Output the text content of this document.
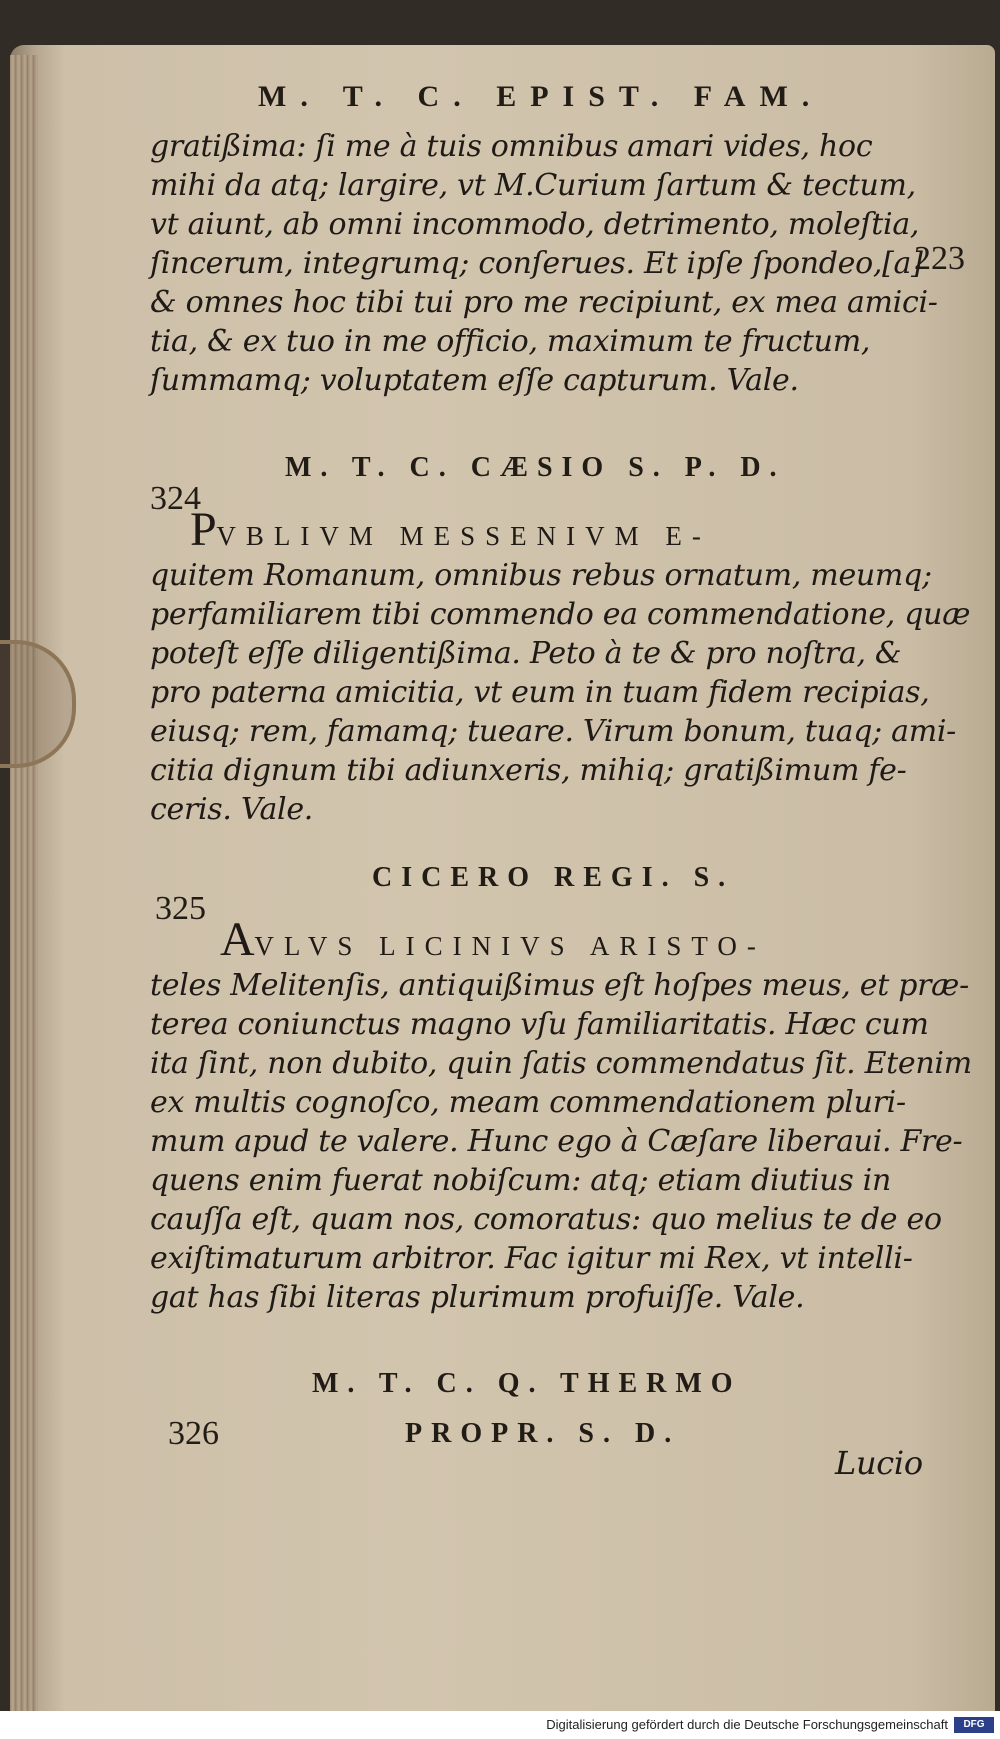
M. T. C. EPIST. FAM.
223
gratißima: ſi me à tuis omnibus amari vides, hoc
mihi da atq; largire, vt M.Curium ſartum & tectum,
vt aiunt, ab omni incommodo, detrimento, moleſtia,
ſincerum, integrumq; conſerues. Et ipſe ſpondeo,[a]
& omnes hoc tibi tui pro me recipiunt, ex mea amici-
tia, & ex tuo in me officio, maximum te fructum,
ſummamq; voluptatem eſſe capturum. Vale.
324
M. T. C. CÆSIO S. P. D.
PVBLIVM MESSENIVM E-
quitem Romanum, omnibus rebus ornatum, meumq;
perfamiliarem tibi commendo ea commendatione, quæ
poteſt eſſe diligentißima. Peto à te & pro noſtra, &
pro paterna amicitia, vt eum in tuam fidem recipias,
eiusq; rem, famamq; tueare. Virum bonum, tuaq; ami-
citia dignum tibi adiunxeris, mihiq; gratißimum fe-
ceris. Vale.
CICERO REGI. S.
325
AVLVS LICINIVS ARISTO-
teles Melitenſis, antiquißimus eſt hoſpes meus, et præ-
terea coniunctus magno vſu familiaritatis. Hæc cum
ita ſint, non dubito, quin ſatis commendatus ſit. Etenim
ex multis cognoſco, meam commendationem pluri-
mum apud te valere. Hunc ego à Cæſare liberaui. Fre-
quens enim fuerat nobiſcum: atq; etiam diutius in
cauſſa eſt, quam nos, comoratus: quo melius te de eo
exiſtimaturum arbitror. Fac igitur mi Rex, vt intelli-
gat has ſibi literas plurimum profuiſſe. Vale.
M. T. C. Q. THERMO
326	PROPR. S. D.
Lucio
Digitalisierung gefördert durch die Deutsche Forschungsgemeinschaft	DFG
